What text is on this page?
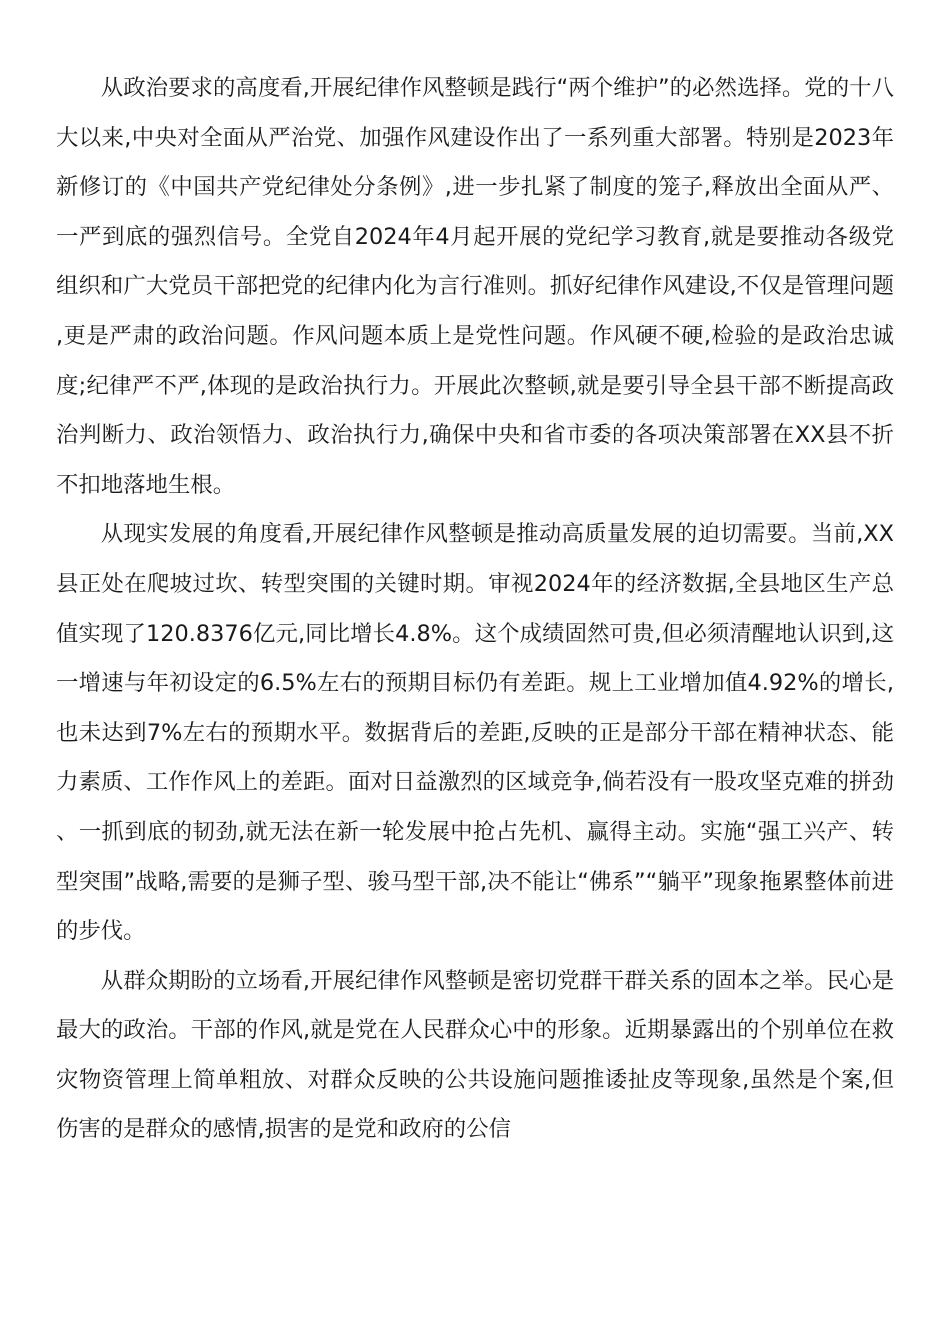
从政治要求的高度看,开展纪律作风整顿是践行“两个维护”的必然选择。党的十八大以来,中央对全面从严治党、加强作风建设作出了一系列重大部署。特别是2023年新修订的《中国共产党纪律处分条例》,进一步扎紧了制度的笼子,释放出全面从严、一严到底的强烈信号。全党自2024年4月起开展的党纪学习教育,就是要推动各级党组织和广大党员干部把党的纪律内化为言行准则。抓好纪律作风建设,不仅是管理问题,更是严肃的政治问题。作风问题本质上是党性问题。作风硬不硬,检验的是政治忠诚度;纪律严不严,体现的是政治执行力。开展此次整顿,就是要引导全县干部不断提高政治判断力、政治领悟力、政治执行力,确保中央和省市委的各项决策部署在XX县不折不扣地落地生根。

从现实发展的角度看,开展纪律作风整顿是推动高质量发展的迫切需要。当前,XX县正处在爬坡过坎、转型突围的关键时期。审视2024年的经济数据,全县地区生产总值实现了120.8376亿元,同比增长4.8%。这个成绩固然可贵,但必须清醒地认识到,这一增速与年初设定的6.5%左右的预期目标仍有差距。规上工业增加值4.92%的增长,也未达到7%左右的预期水平。数据背后的差距,反映的正是部分干部在精神状态、能力素质、工作作风上的差距。面对日益激烈的区域竞争,倘若没有一股攻坚克难的拼劲、一抓到底的韧劲,就无法在新一轮发展中抢占先机、赢得主动。实施“强工兴产、转型突围”战略,需要的是狮子型、骏马型干部,决不能让“佛系”“躺平”现象拖累整体前进的步伐。

从群众期盼的立场看,开展纪律作风整顿是密切党群干群关系的固本之举。民心是最大的政治。干部的作风,就是党在人民群众心中的形象。近期暴露出的个别单位在救灾物资管理上简单粗放、对群众反映的公共设施问题推诿扯皮等现象,虽然是个案,但伤害的是群众的感情,损害的是党和政府的公信
